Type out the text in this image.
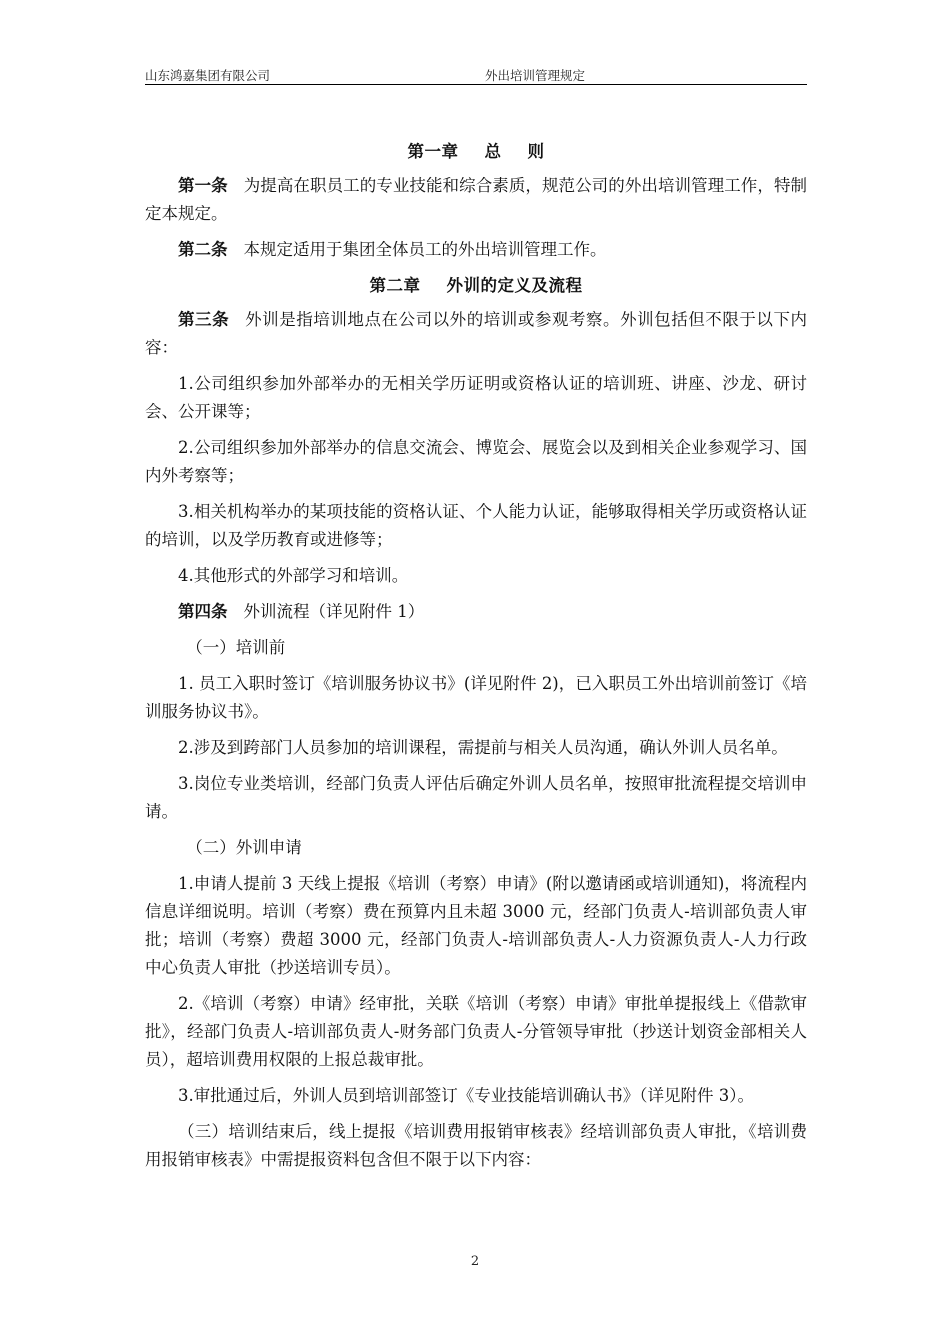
山东鸿嘉集团有限公司	外出培训管理规定

第一章 总 则

第一条 为提高在职员工的专业技能和综合素质，规范公司的外出培训管理工作，特制定本规定。

第二条 本规定适用于集团全体员工的外出培训管理工作。

第二章 外训的定义及流程

第三条 外训是指培训地点在公司以外的培训或参观考察。外训包括但不限于以下内容：

1.公司组织参加外部举办的无相关学历证明或资格认证的培训班、讲座、沙龙、研讨会、公开课等；

2.公司组织参加外部举办的信息交流会、博览会、展览会以及到相关企业参观学习、国内外考察等；

3.相关机构举办的某项技能的资格认证、个人能力认证，能够取得相关学历或资格认证的培训，以及学历教育或进修等；

4.其他形式的外部学习和培训。

第四条 外训流程（详见附件 1）

（一）培训前

1. 员工入职时签订《培训服务协议书》(详见附件 2)，已入职员工外出培训前签订《培训服务协议书》。

2.涉及到跨部门人员参加的培训课程，需提前与相关人员沟通，确认外训人员名单。

3.岗位专业类培训，经部门负责人评估后确定外训人员名单，按照审批流程提交培训申请。

（二）外训申请

1.申请人提前 3 天线上提报《培训（考察）申请》(附以邀请函或培训通知)，将流程内信息详细说明。培训（考察）费在预算内且未超 3000 元，经部门负责人-培训部负责人审批；培训（考察）费超 3000 元，经部门负责人-培训部负责人-人力资源负责人-人力行政中心负责人审批（抄送培训专员）。

2.《培训（考察）申请》经审批，关联《培训（考察）申请》审批单提报线上《借款审批》，经部门负责人-培训部负责人-财务部门负责人-分管领导审批（抄送计划资金部相关人员），超培训费用权限的上报总裁审批。

3.审批通过后，外训人员到培训部签订《专业技能培训确认书》（详见附件 3）。

（三）培训结束后，线上提报《培训费用报销审核表》经培训部负责人审批，《培训费用报销审核表》中需提报资料包含但不限于以下内容：

2
